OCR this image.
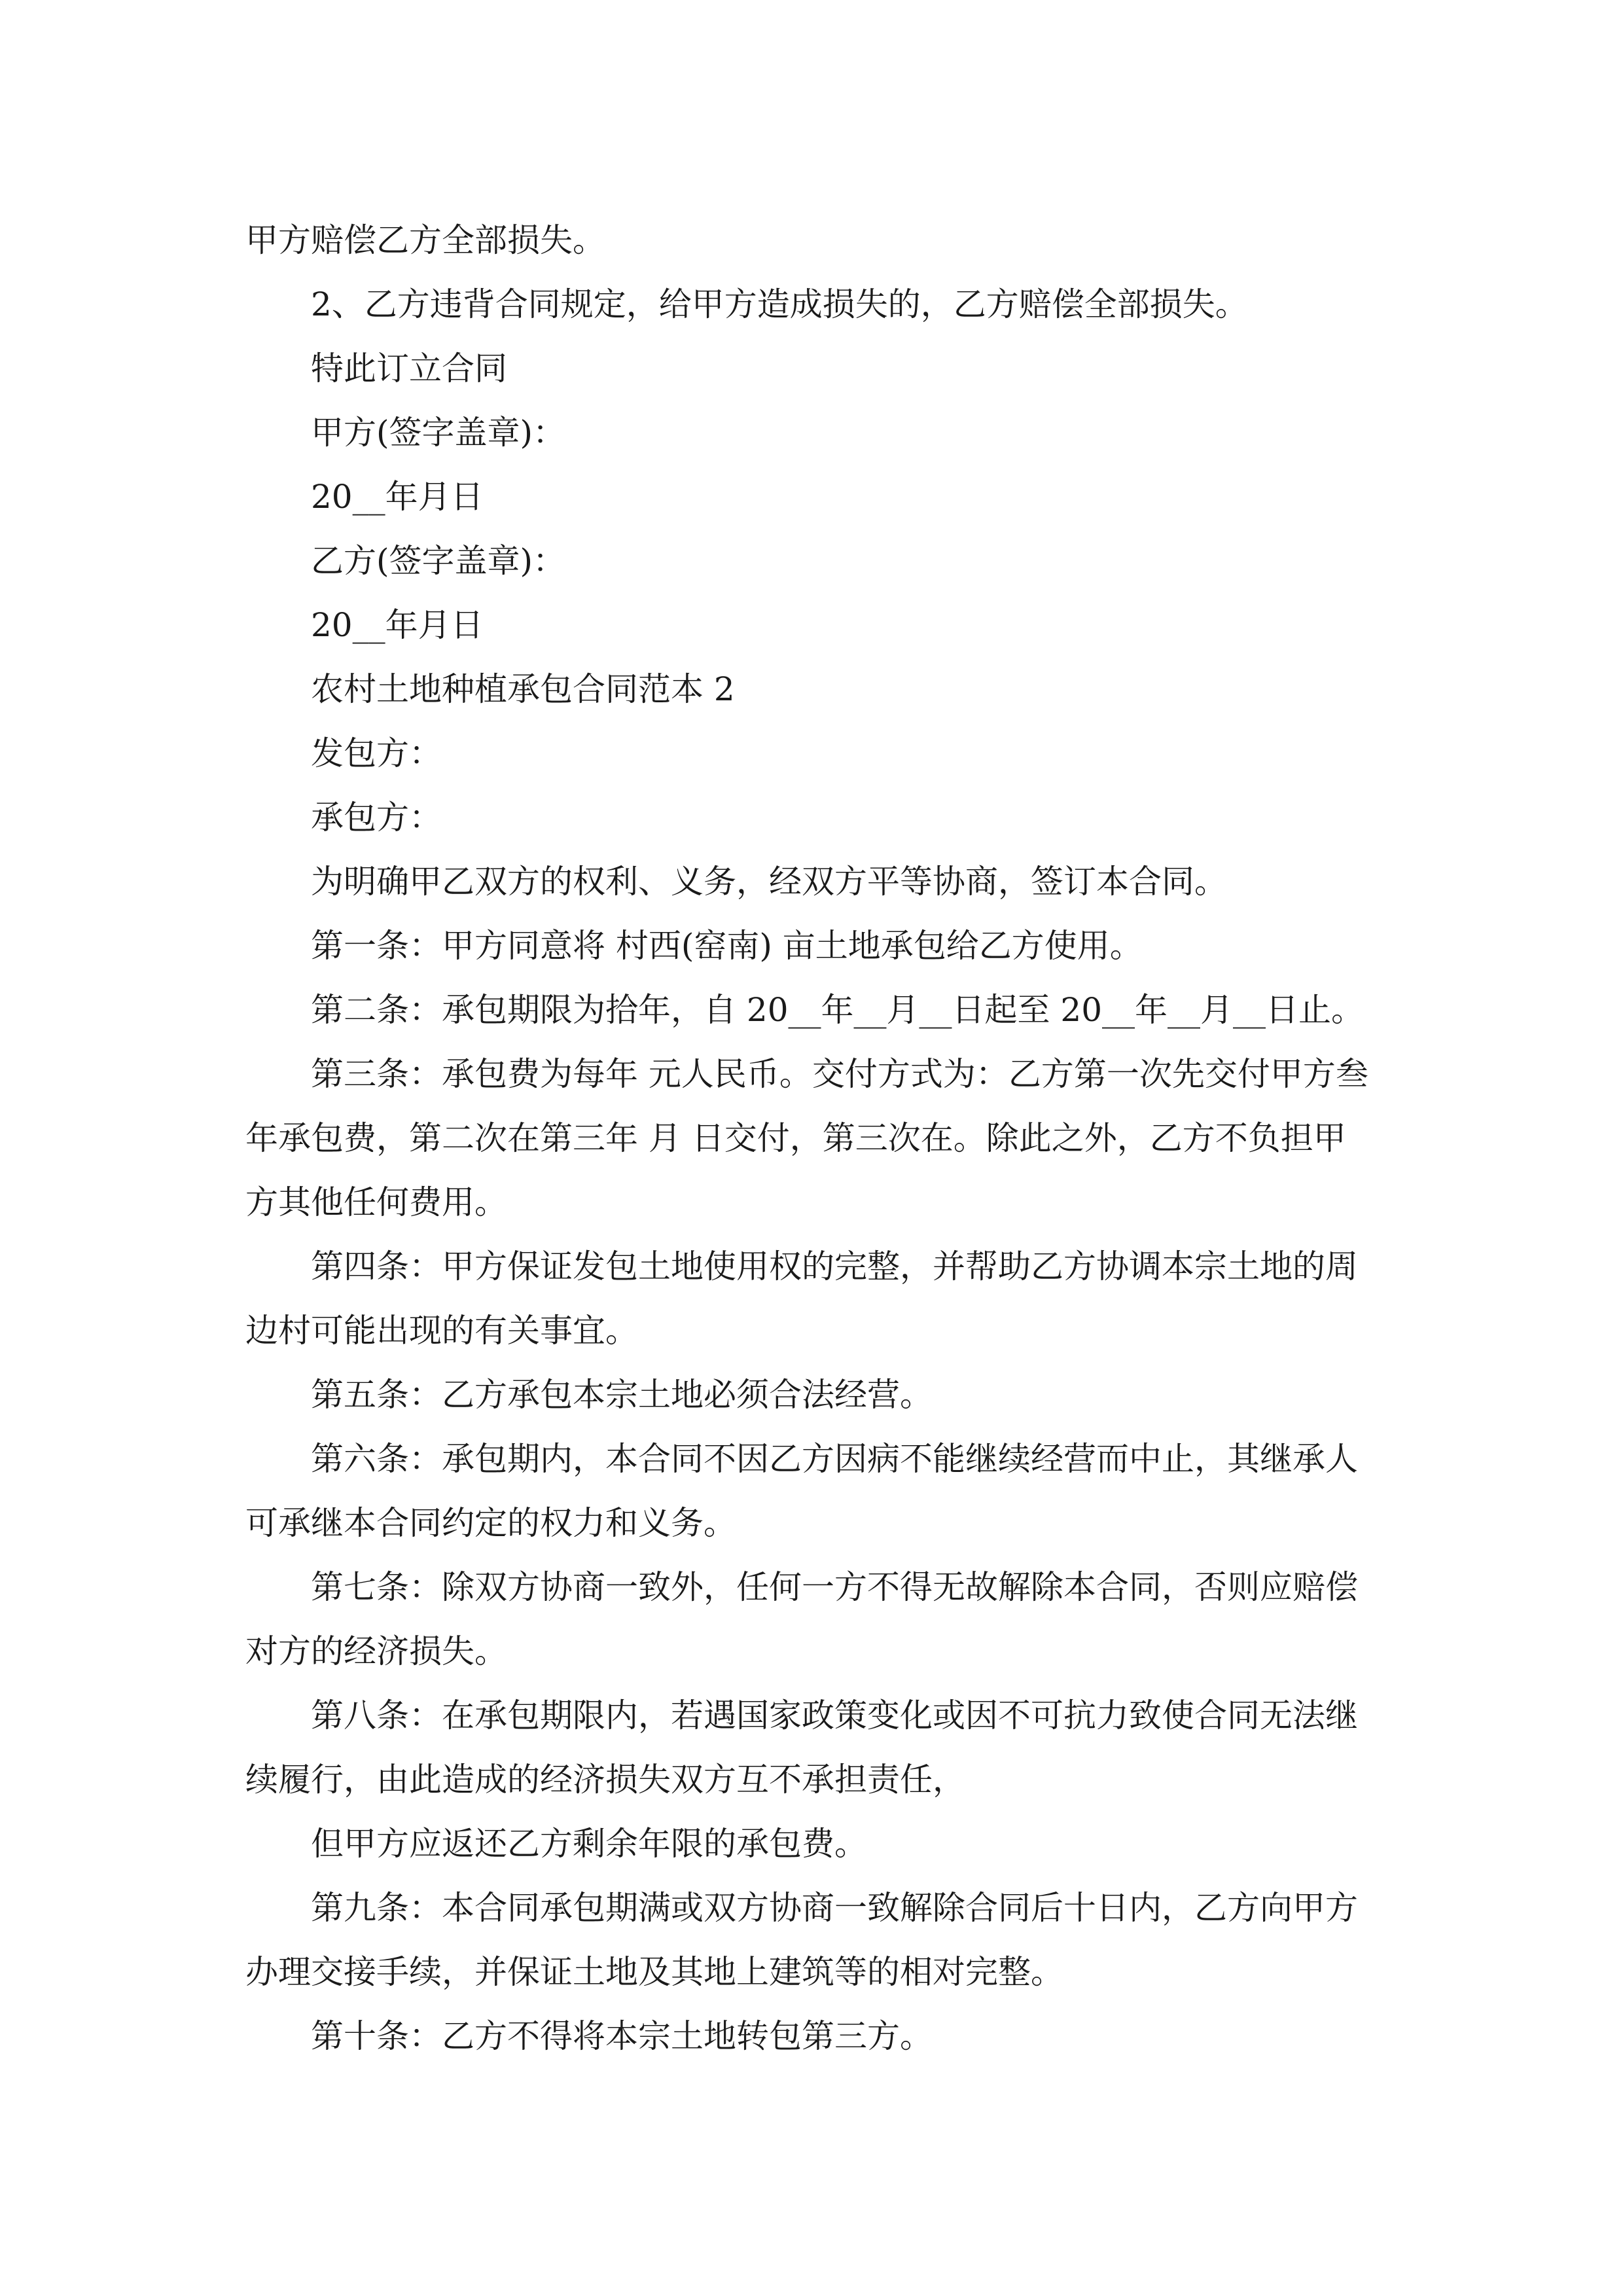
甲方赔偿乙方全部损失。

2、乙方违背合同规定，给甲方造成损失的，乙方赔偿全部损失。

特此订立合同

甲方(签字盖章)：

20__年月日

乙方(签字盖章)：

20__年月日

农村土地种植承包合同范本 2

发包方：

承包方：

为明确甲乙双方的权利、义务，经双方平等协商，签订本合同。

第一条：甲方同意将 村西(窑南) 亩土地承包给乙方使用。

第二条：承包期限为拾年，自 20__年__月__日起至 20__年__月__日止。

第三条：承包费为每年 元人民币。交付方式为：乙方第一次先交付甲方叁年承包费，第二次在第三年 月 日交付，第三次在。除此之外，乙方不负担甲方其他任何费用。

第四条：甲方保证发包土地使用权的完整，并帮助乙方协调本宗土地的周边村可能出现的有关事宜。

第五条：乙方承包本宗土地必须合法经营。

第六条：承包期内，本合同不因乙方因病不能继续经营而中止，其继承人可承继本合同约定的权力和义务。

第七条：除双方协商一致外，任何一方不得无故解除本合同，否则应赔偿对方的经济损失。

第八条：在承包期限内，若遇国家政策变化或因不可抗力致使合同无法继续履行，由此造成的经济损失双方互不承担责任，

但甲方应返还乙方剩余年限的承包费。

第九条：本合同承包期满或双方协商一致解除合同后十日内，乙方向甲方办理交接手续，并保证土地及其地上建筑等的相对完整。

第十条：乙方不得将本宗土地转包第三方。
